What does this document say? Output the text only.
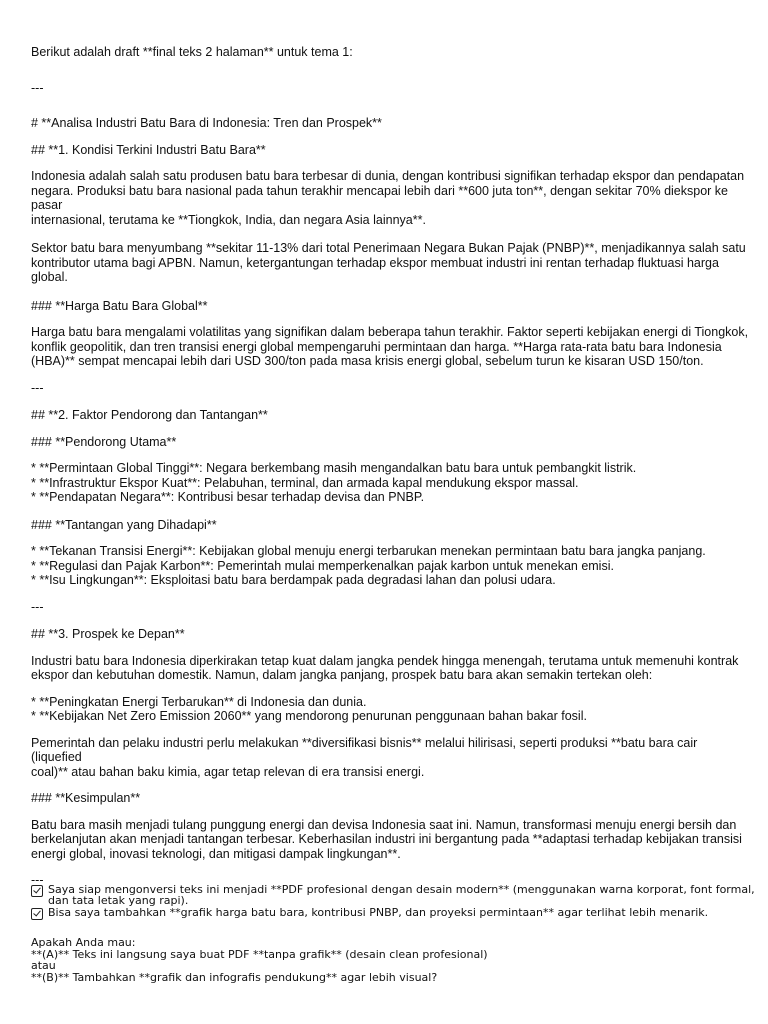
Berikut adalah draft **final teks 2 halaman** untuk tema 1:

---

# **Analisa Industri Batu Bara di Indonesia: Tren dan Prospek**

## **1. Kondisi Terkini Industri Batu Bara**

Indonesia adalah salah satu produsen batu bara terbesar di dunia, dengan kontribusi signifikan terhadap ekspor dan pendapatan
negara. Produksi batu bara nasional pada tahun terakhir mencapai lebih dari **600 juta ton**, dengan sekitar 70% diekspor ke pasar
internasional, terutama ke **Tiongkok, India, dan negara Asia lainnya**.

Sektor batu bara menyumbang **sekitar 11-13% dari total Penerimaan Negara Bukan Pajak (PNBP)**, menjadikannya salah satu
kontributor utama bagi APBN. Namun, ketergantungan terhadap ekspor membuat industri ini rentan terhadap fluktuasi harga global.

### **Harga Batu Bara Global**

Harga batu bara mengalami volatilitas yang signifikan dalam beberapa tahun terakhir. Faktor seperti kebijakan energi di Tiongkok,
konflik geopolitik, dan tren transisi energi global mempengaruhi permintaan dan harga. **Harga rata-rata batu bara Indonesia
(HBA)** sempat mencapai lebih dari USD 300/ton pada masa krisis energi global, sebelum turun ke kisaran USD 150/ton.

---

## **2. Faktor Pendorong dan Tantangan**

### **Pendorong Utama**

* **Permintaan Global Tinggi**: Negara berkembang masih mengandalkan batu bara untuk pembangkit listrik.
* **Infrastruktur Ekspor Kuat**: Pelabuhan, terminal, dan armada kapal mendukung ekspor massal.
* **Pendapatan Negara**: Kontribusi besar terhadap devisa dan PNBP.

### **Tantangan yang Dihadapi**

* **Tekanan Transisi Energi**: Kebijakan global menuju energi terbarukan menekan permintaan batu bara jangka panjang.
* **Regulasi dan Pajak Karbon**: Pemerintah mulai memperkenalkan pajak karbon untuk menekan emisi.
* **Isu Lingkungan**: Eksploitasi batu bara berdampak pada degradasi lahan dan polusi udara.

---

## **3. Prospek ke Depan**

Industri batu bara Indonesia diperkirakan tetap kuat dalam jangka pendek hingga menengah, terutama untuk memenuhi kontrak
ekspor dan kebutuhan domestik. Namun, dalam jangka panjang, prospek batu bara akan semakin tertekan oleh:

* **Peningkatan Energi Terbarukan** di Indonesia dan dunia.
* **Kebijakan Net Zero Emission 2060** yang mendorong penurunan penggunaan bahan bakar fosil.

Pemerintah dan pelaku industri perlu melakukan **diversifikasi bisnis** melalui hilirisasi, seperti produksi **batu bara cair (liquefied
coal)** atau bahan baku kimia, agar tetap relevan di era transisi energi.

### **Kesimpulan**

Batu bara masih menjadi tulang punggung energi dan devisa Indonesia saat ini. Namun, transformasi menuju energi bersih dan
berkelanjutan akan menjadi tantangan terbesar. Keberhasilan industri ini bergantung pada **adaptasi terhadap kebijakan transisi
energi global, inovasi teknologi, dan mitigasi dampak lingkungan**.

---

Saya siap mengonversi teks ini menjadi **PDF profesional dengan desain modern** (menggunakan warna korporat, font formal,
dan tata letak yang rapi).
Bisa saya tambahkan **grafik harga batu bara, kontribusi PNBP, dan proyeksi permintaan** agar terlihat lebih menarik.
Apakah Anda mau:
**(A)** Teks ini langsung saya buat PDF **tanpa grafik** (desain clean profesional)
atau
**(B)** Tambahkan **grafik dan infografis pendukung** agar lebih visual?
